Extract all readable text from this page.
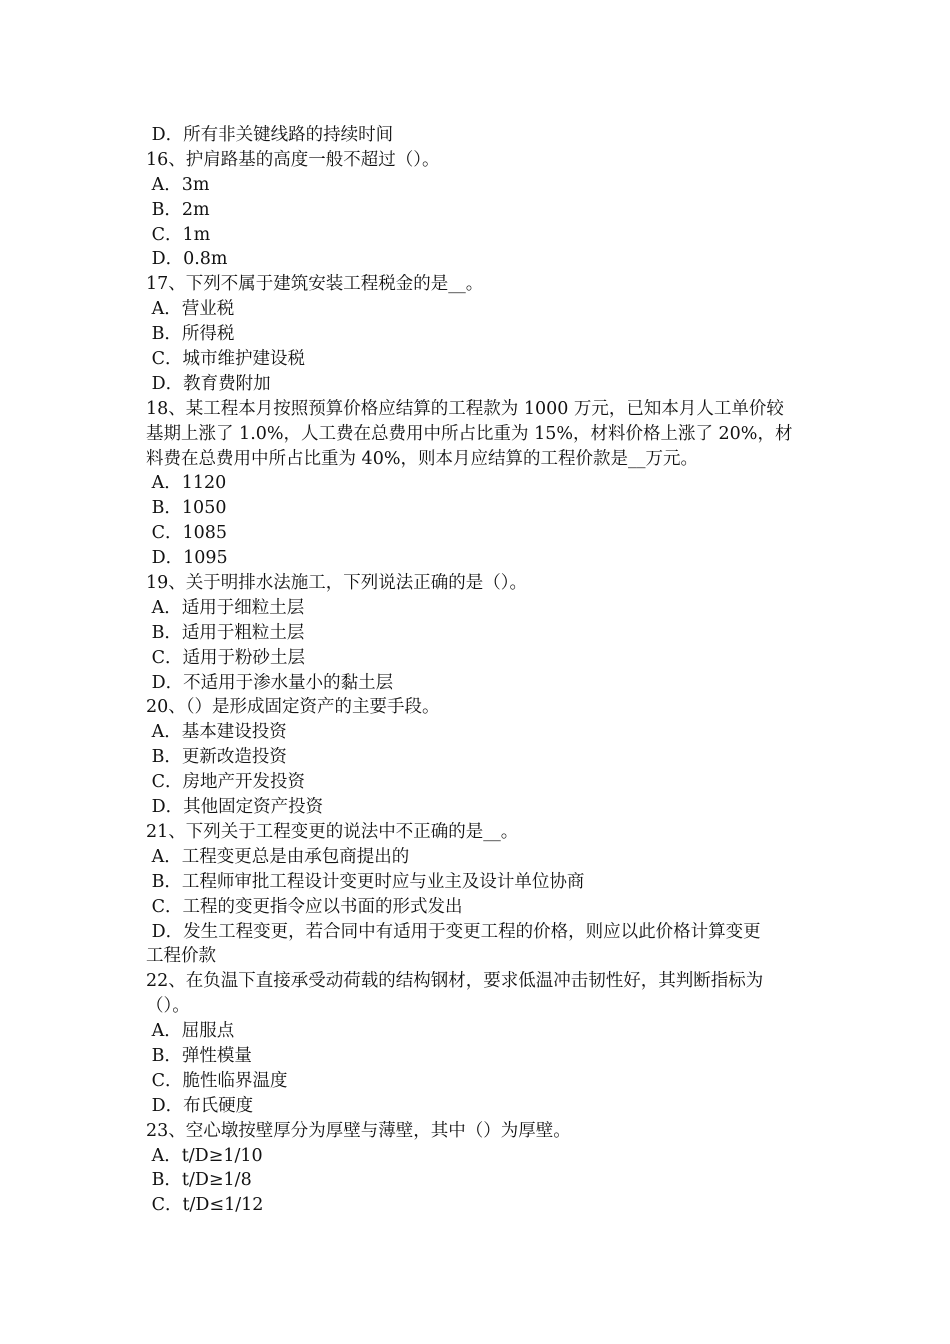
D．所有非关键线路的持续时间
16、护肩路基的高度一般不超过（）。
A．3m
B．2m
C．1m
D．0.8m
17、下列不属于建筑安装工程税金的是__。
A．营业税
B．所得税
C．城市维护建设税
D．教育费附加
18、某工程本月按照预算价格应结算的工程款为 1000 万元，已知本月人工单价较
基期上涨了 1.0%，人工费在总费用中所占比重为 15%，材料价格上涨了 20%，材
料费在总费用中所占比重为 40%，则本月应结算的工程价款是__万元。
A．1120
B．1050
C．1085
D．1095
19、关于明排水法施工，下列说法正确的是（）。
A．适用于细粒土层
B．适用于粗粒土层
C．适用于粉砂土层
D．不适用于渗水量小的黏土层
20、（）是形成固定资产的主要手段。
A．基本建设投资
B．更新改造投资
C．房地产开发投资
D．其他固定资产投资
21、下列关于工程变更的说法中不正确的是__。
A．工程变更总是由承包商提出的
B．工程师审批工程设计变更时应与业主及设计单位协商
C．工程的变更指令应以书面的形式发出
D．发生工程变更，若合同中有适用于变更工程的价格，则应以此价格计算变更
工程价款
22、在负温下直接承受动荷载的结构钢材，要求低温冲击韧性好，其判断指标为
（）。
A．屈服点
B．弹性模量
C．脆性临界温度
D．布氏硬度
23、空心墩按壁厚分为厚壁与薄壁，其中（）为厚壁。
A．t/D≥1/10
B．t/D≥1/8
C．t/D≤1/12
